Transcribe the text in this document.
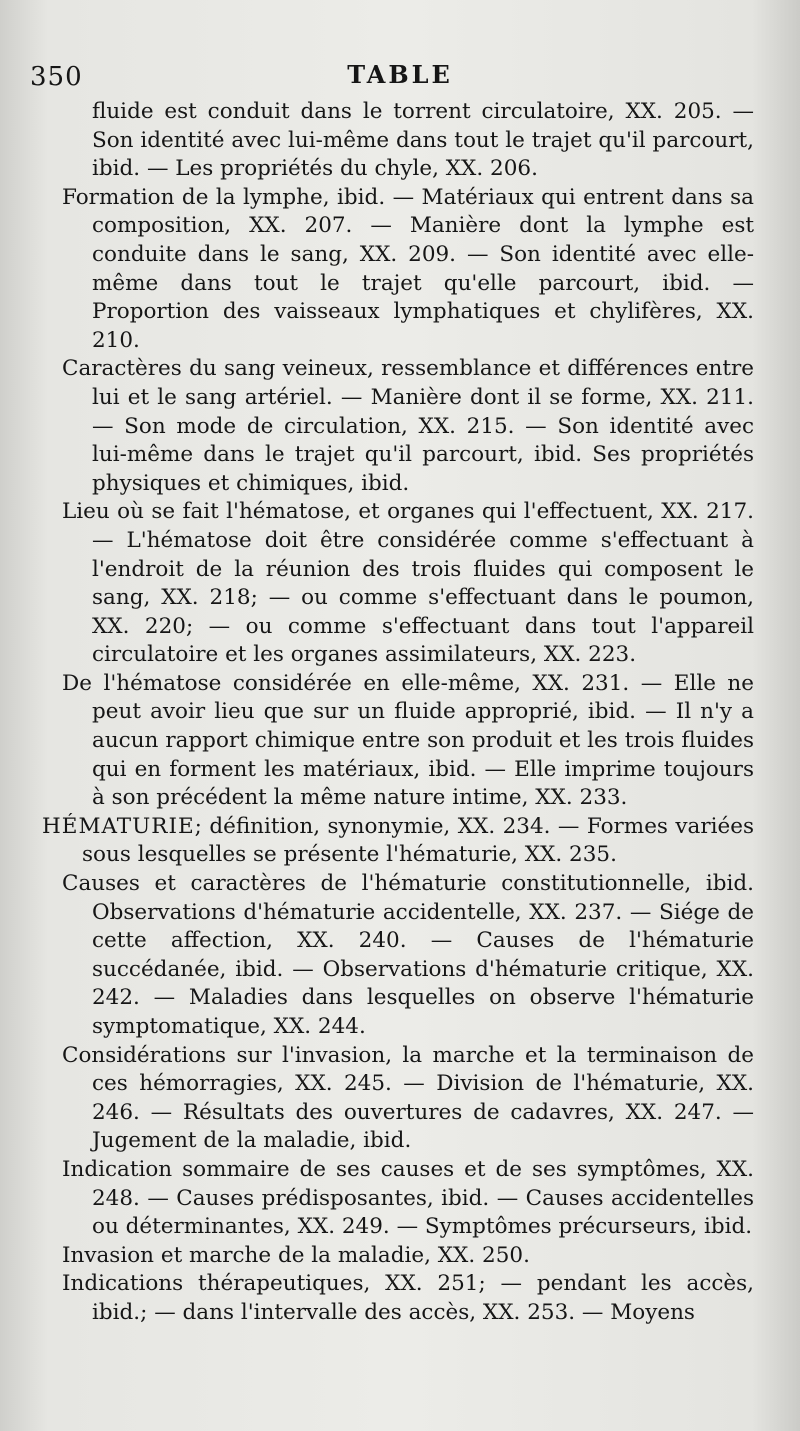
350	TABLE

fluide est conduit dans le torrent circulatoire, XX. 205. — Son identité avec lui-même dans tout le trajet qu'il parcourt, ibid. — Les propriétés du chyle, XX. 206.

Formation de la lymphe, ibid. — Matériaux qui entrent dans sa composition, XX. 207. — Manière dont la lymphe est conduite dans le sang, XX. 209. — Son identité avec elle-même dans tout le trajet qu'elle parcourt, ibid. — Proportion des vaisseaux lymphatiques et chylifères, XX. 210.

Caractères du sang veineux, ressemblance et différences entre lui et le sang artériel. — Manière dont il se forme, XX. 211. — Son mode de circulation, XX. 215. — Son identité avec lui-même dans le trajet qu'il parcourt, ibid. Ses propriétés physiques et chimiques, ibid.

Lieu où se fait l'hématose, et organes qui l'effectuent, XX. 217. — L'hématose doit être considérée comme s'effectuant à l'endroit de la réunion des trois fluides qui composent le sang, XX. 218; — ou comme s'effectuant dans le poumon, XX. 220; — ou comme s'effectuant dans tout l'appareil circulatoire et les organes assimilateurs, XX. 223.

De l'hématose considérée en elle-même, XX. 231. — Elle ne peut avoir lieu que sur un fluide approprié, ibid. — Il n'y a aucun rapport chimique entre son produit et les trois fluides qui en forment les matériaux, ibid. — Elle imprime toujours à son précédent la même nature intime, XX. 233.

HÉMATURIE; définition, synonymie, XX. 234. — Formes variées sous lesquelles se présente l'hématurie, XX. 235.

Causes et caractères de l'hématurie constitutionnelle, ibid. Observations d'hématurie accidentelle, XX. 237. — Siége de cette affection, XX. 240. — Causes de l'hématurie succédanée, ibid. — Observations d'hématurie critique, XX. 242. — Maladies dans lesquelles on observe l'hématurie symptomatique, XX. 244.

Considérations sur l'invasion, la marche et la terminaison de ces hémorragies, XX. 245. — Division de l'hématurie, XX. 246. — Résultats des ouvertures de cadavres, XX. 247. — Jugement de la maladie, ibid.

Indication sommaire de ses causes et de ses symptômes, XX. 248. — Causes prédisposantes, ibid. — Causes accidentelles ou déterminantes, XX. 249. — Symptômes précurseurs, ibid.

Invasion et marche de la maladie, XX. 250.

Indications thérapeutiques, XX. 251; — pendant les accès, ibid.; — dans l'intervalle des accès, XX. 253. — Moyens
